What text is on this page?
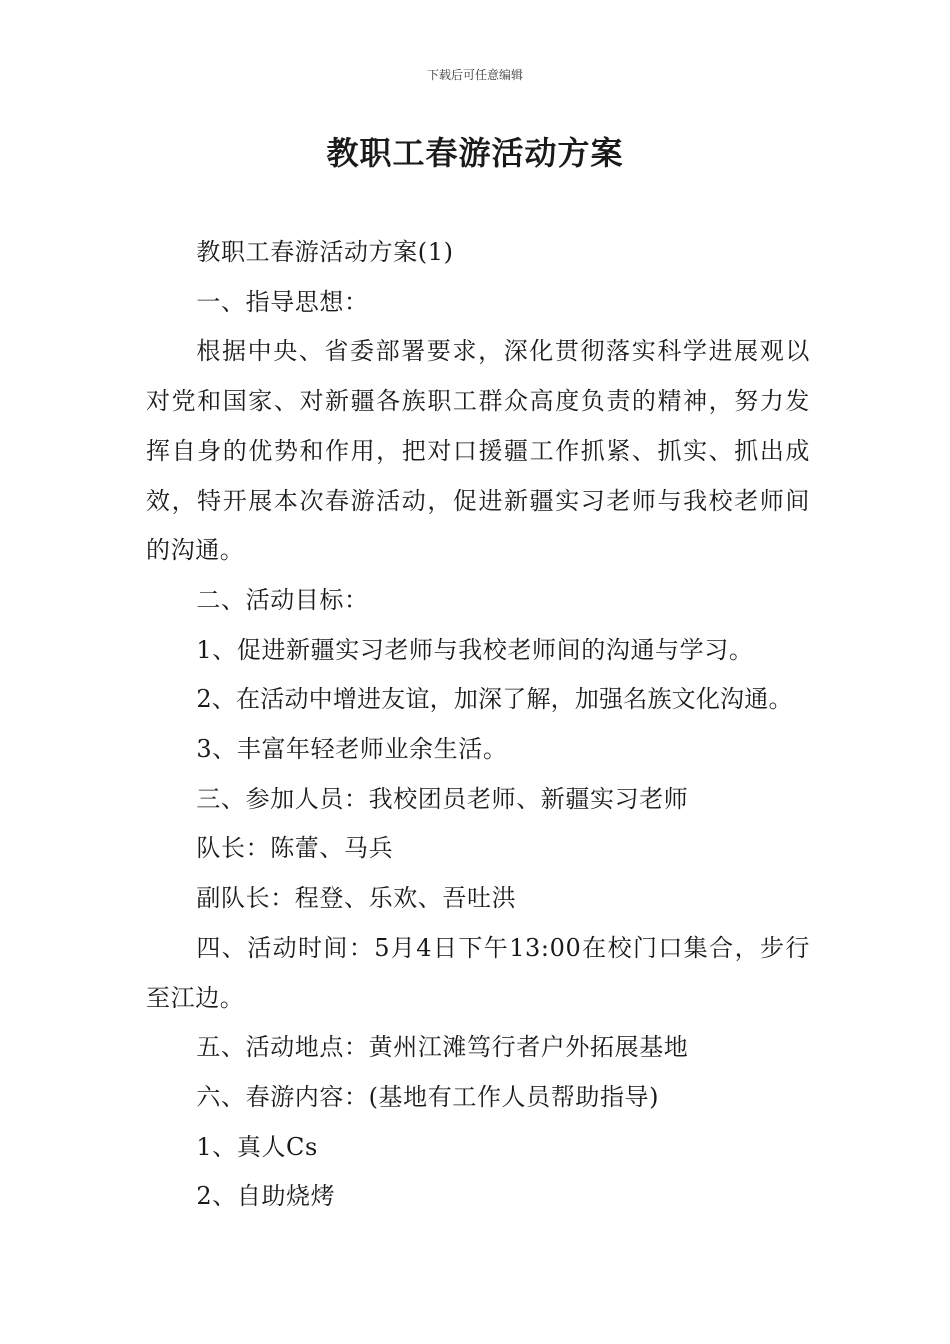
下载后可任意编辑
教职工春游活动方案

教职工春游活动方案(1)

一、指导思想：

根据中央、省委部署要求，深化贯彻落实科学进展观以对党和国家、对新疆各族职工群众高度负责的精神，努力发挥自身的优势和作用，把对口援疆工作抓紧、抓实、抓出成效，特开展本次春游活动，促进新疆实习老师与我校老师间的沟通。

二、活动目标：

1、促进新疆实习老师与我校老师间的沟通与学习。

2、在活动中增进友谊，加深了解，加强名族文化沟通。

3、丰富年轻老师业余生活。

三、参加人员：我校团员老师、新疆实习老师

队长：陈蕾、马兵

副队长：程登、乐欢、吾吐洪

四、活动时间：5月4日下午13:00在校门口集合，步行至江边。

五、活动地点：黄州江滩笃行者户外拓展基地

六、春游内容：(基地有工作人员帮助指导)

1、真人Cs

2、自助烧烤
